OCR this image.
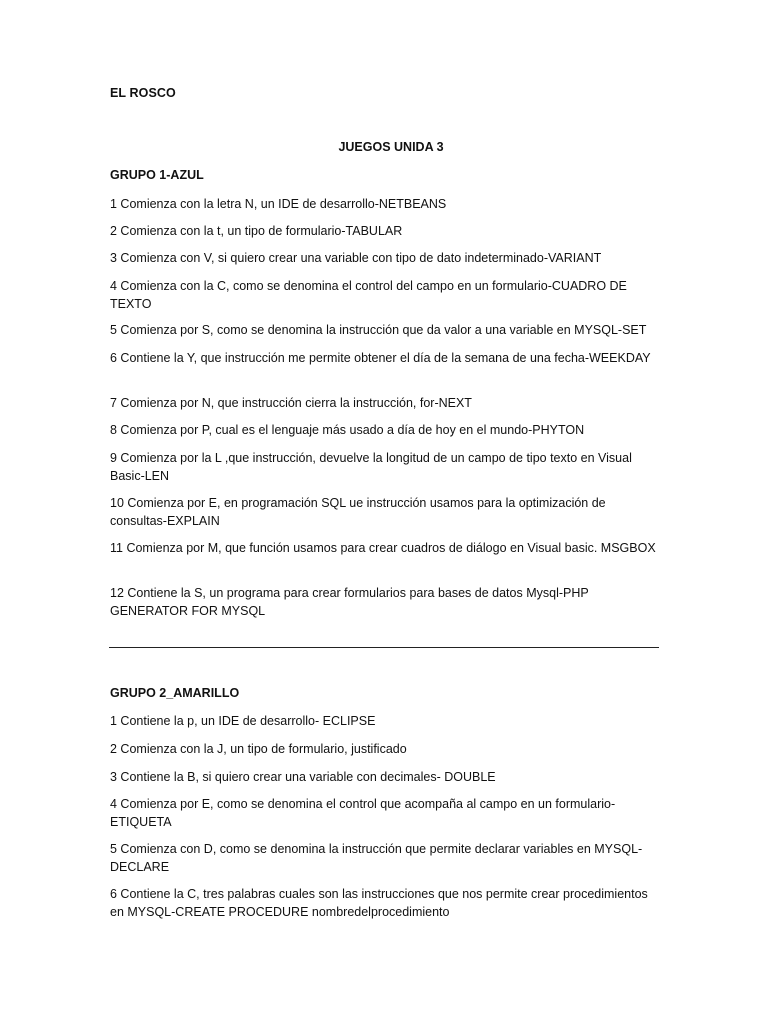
EL ROSCO
JUEGOS UNIDA 3
GRUPO 1-AZUL
1 Comienza con la letra N, un IDE de desarrollo-NETBEANS
2 Comienza con la t, un tipo de formulario-TABULAR
3 Comienza con V, si quiero crear una variable con tipo de dato indeterminado-VARIANT
4 Comienza con la C, como se denomina el control del campo en un formulario-CUADRO DE TEXTO
5 Comienza por S, como se denomina la instrucción que da valor a una variable en MYSQL-SET
6 Contiene la Y, que instrucción me permite obtener el día de la semana de una fecha-WEEKDAY
7 Comienza por N, que instrucción cierra la instrucción, for-NEXT
8 Comienza por P, cual es el lenguaje más usado a día de hoy en el mundo-PHYTON
9 Comienza por la L ,que instrucción, devuelve la longitud de un campo de tipo texto en Visual Basic-LEN
10 Comienza por E, en programación SQL ue instrucción usamos para la optimización de consultas-EXPLAIN
11 Comienza por M, que función usamos para crear cuadros de diálogo en Visual basic. MSGBOX
12 Contiene la S, un programa para crear formularios para bases de datos Mysql-PHP GENERATOR FOR MYSQL
GRUPO 2_AMARILLO
1 Contiene la p, un IDE de desarrollo- ECLIPSE
2 Comienza con la J, un tipo de formulario, justificado
3 Contiene la B, si quiero crear una variable con decimales- DOUBLE
4 Comienza por E, como se denomina el control que acompaña al campo en un formulario-ETIQUETA
5 Comienza con D, como se denomina la instrucción que permite declarar variables en MYSQL-DECLARE
6 Contiene la C, tres palabras cuales son las instrucciones que nos permite crear procedimientos en MYSQL-CREATE PROCEDURE nombredelprocedimiento
